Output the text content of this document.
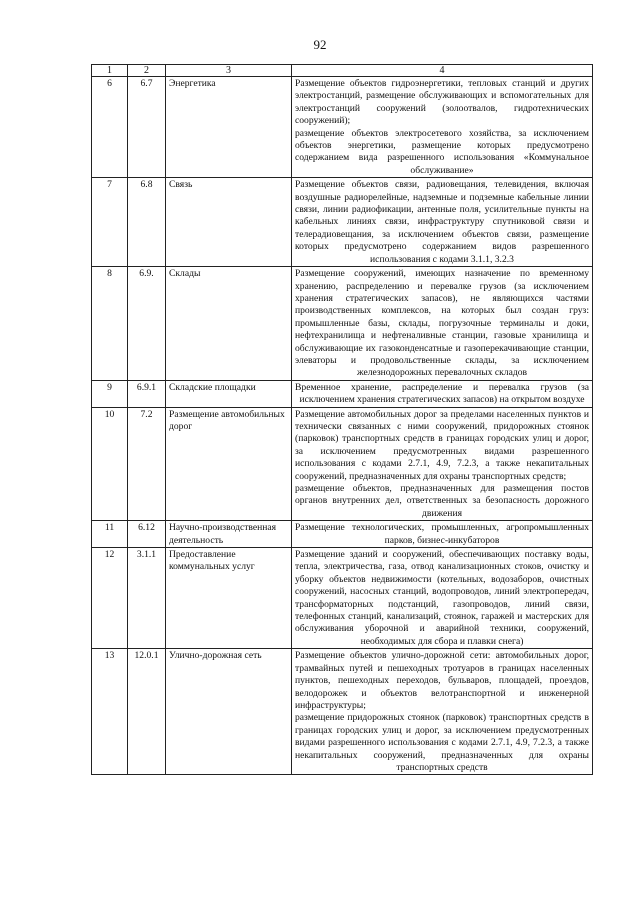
92
1	2	3	4
6	6.7	Энергетика	Размещение объектов гидроэнергетики, тепловых станций и других электростанций, размещение обслуживающих и вспомогательных для электростанций сооружений (золоотвалов, гидротехнических сооружений);
размещение объектов электросетевого хозяйства, за исключением объектов энергетики, размещение которых предусмотрено содержанием вида разрешенного использования «Коммунальное обслуживание»

7	6.8	Связь	Размещение объектов связи, радиовещания, телевидения, включая воздушные радиорелейные, надземные и подземные кабельные линии связи, линии радиофикации, антенные поля, усилительные пункты на кабельных линиях связи, инфраструктуру спутниковой связи и телерадиовещания, за исключением объектов связи, размещение которых предусмотрено содержанием видов разрешенного использования с кодами 3.1.1, 3.2.3

8	6.9.	Склады	Размещение сооружений, имеющих назначение по временному хранению, распределению и перевалке грузов (за исключением хранения стратегических запасов), не являющихся частями производственных комплексов, на которых был создан груз: промышленные базы, склады, погрузочные терминалы и доки, нефтехранилища и нефтеналивные станции, газовые хранилища и обслуживающие их газоконденсатные и газоперекачивающие станции, элеваторы и продовольственные склады, за исключением железнодорожных перевалочных складов

9	6.9.1	Складские площадки	Временное хранение, распределение и перевалка грузов (за исключением хранения стратегических запасов) на открытом воздухе

10	7.2	Размещение автомобильных дорог	Размещение автомобильных дорог за пределами населенных пунктов и технически связанных с ними сооружений, придорожных стоянок (парковок) транспортных средств в границах городских улиц и дорог, за исключением предусмотренных видами разрешенного использования с кодами 2.7.1, 4.9, 7.2.3, а также некапитальных сооружений, предназначенных для охраны транспортных средств;
размещение объектов, предназначенных для размещения постов органов внутренних дел, ответственных за безопасность дорожного движения

11	6.12	Научно-производственная деятельность	Размещение технологических, промышленных, агропромышленных парков, бизнес-инкубаторов

12	3.1.1	Предоставление коммунальных услуг	Размещение зданий и сооружений, обеспечивающих поставку воды, тепла, электричества, газа, отвод канализационных стоков, очистку и уборку объектов недвижимости (котельных, водозаборов, очистных сооружений, насосных станций, водопроводов, линий электропередач, трансформаторных подстанций, газопроводов, линий связи, телефонных станций, канализаций, стоянок, гаражей и мастерских для обслуживания уборочной и аварийной техники, сооружений, необходимых для сбора и плавки снега)

13	12.0.1	Улично-дорожная сеть	Размещение объектов улично-дорожной сети: автомобильных дорог, трамвайных путей и пешеходных тротуаров в границах населенных пунктов, пешеходных переходов, бульваров, площадей, проездов, велодорожек и объектов велотранспортной и инженерной инфраструктуры;
размещение придорожных стоянок (парковок) транспортных средств в границах городских улиц и дорог, за исключением предусмотренных видами разрешенного использования с кодами 2.7.1, 4.9, 7.2.3, а также некапитальных сооружений, предназначенных для охраны транспортных средств
